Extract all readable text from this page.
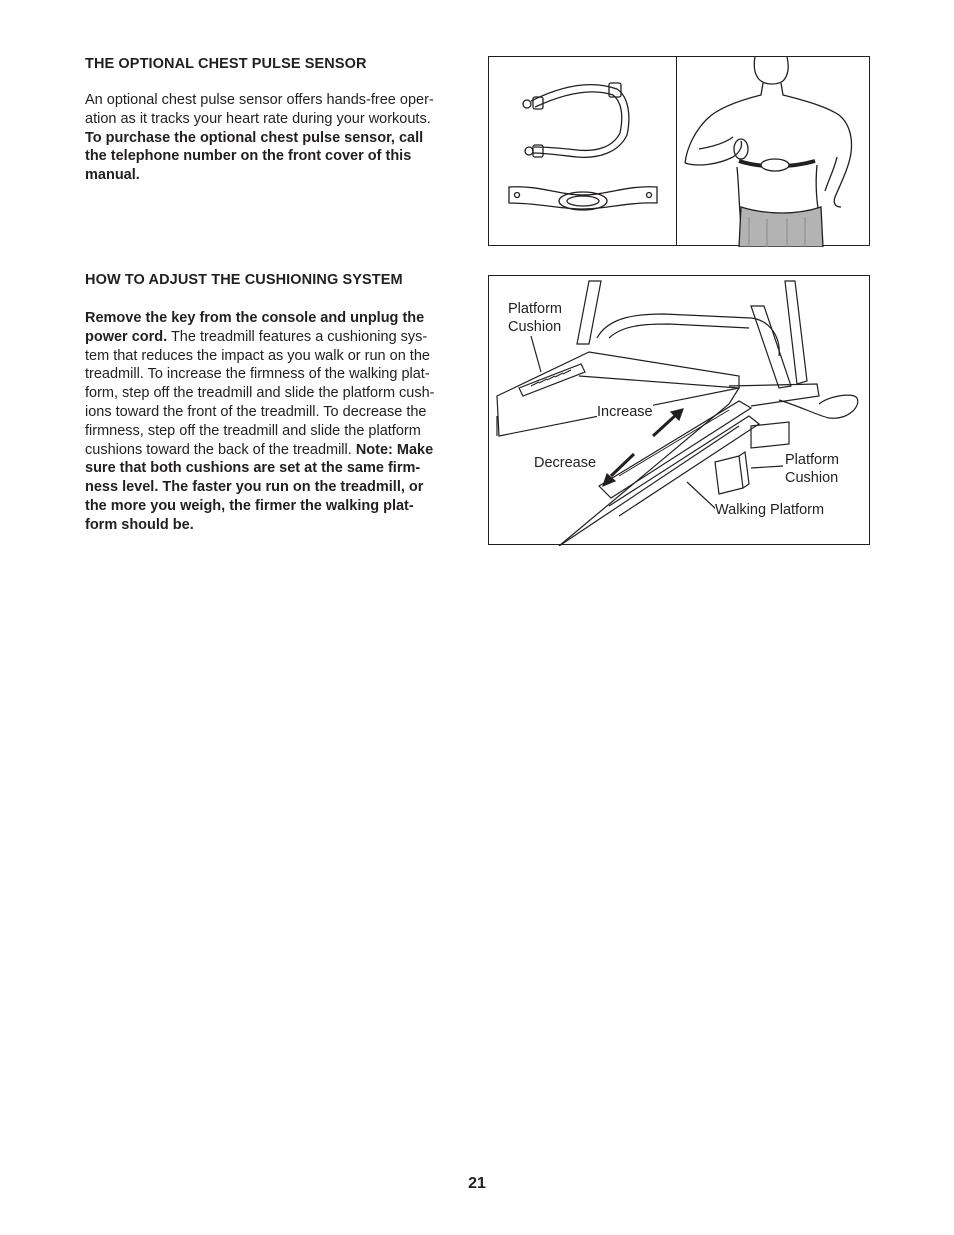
THE OPTIONAL CHEST PULSE SENSOR
An optional chest pulse sensor offers hands-free oper-
ation as it tracks your heart rate during your workouts.
To purchase the optional chest pulse sensor, call
the telephone number on the front cover of this
manual.
HOW TO ADJUST THE CUSHIONING SYSTEM
Remove the key from the console and unplug the
power cord. The treadmill features a cushioning sys-
tem that reduces the impact as you walk or run on the
treadmill. To increase the firmness of the walking plat-
form, step off the treadmill and slide the platform cush-
ions toward the front of the treadmill. To decrease the
firmness, step off the treadmill and slide the platform
cushions toward the back of the treadmill. Note: Make
sure that both cushions are set at the same firm-
ness level. The faster you run on the treadmill, or
the more you weigh, the firmer the walking plat-
form should be.
Platform
Cushion
Increase
Decrease	Platform
Cushion
Walking Platform
21
